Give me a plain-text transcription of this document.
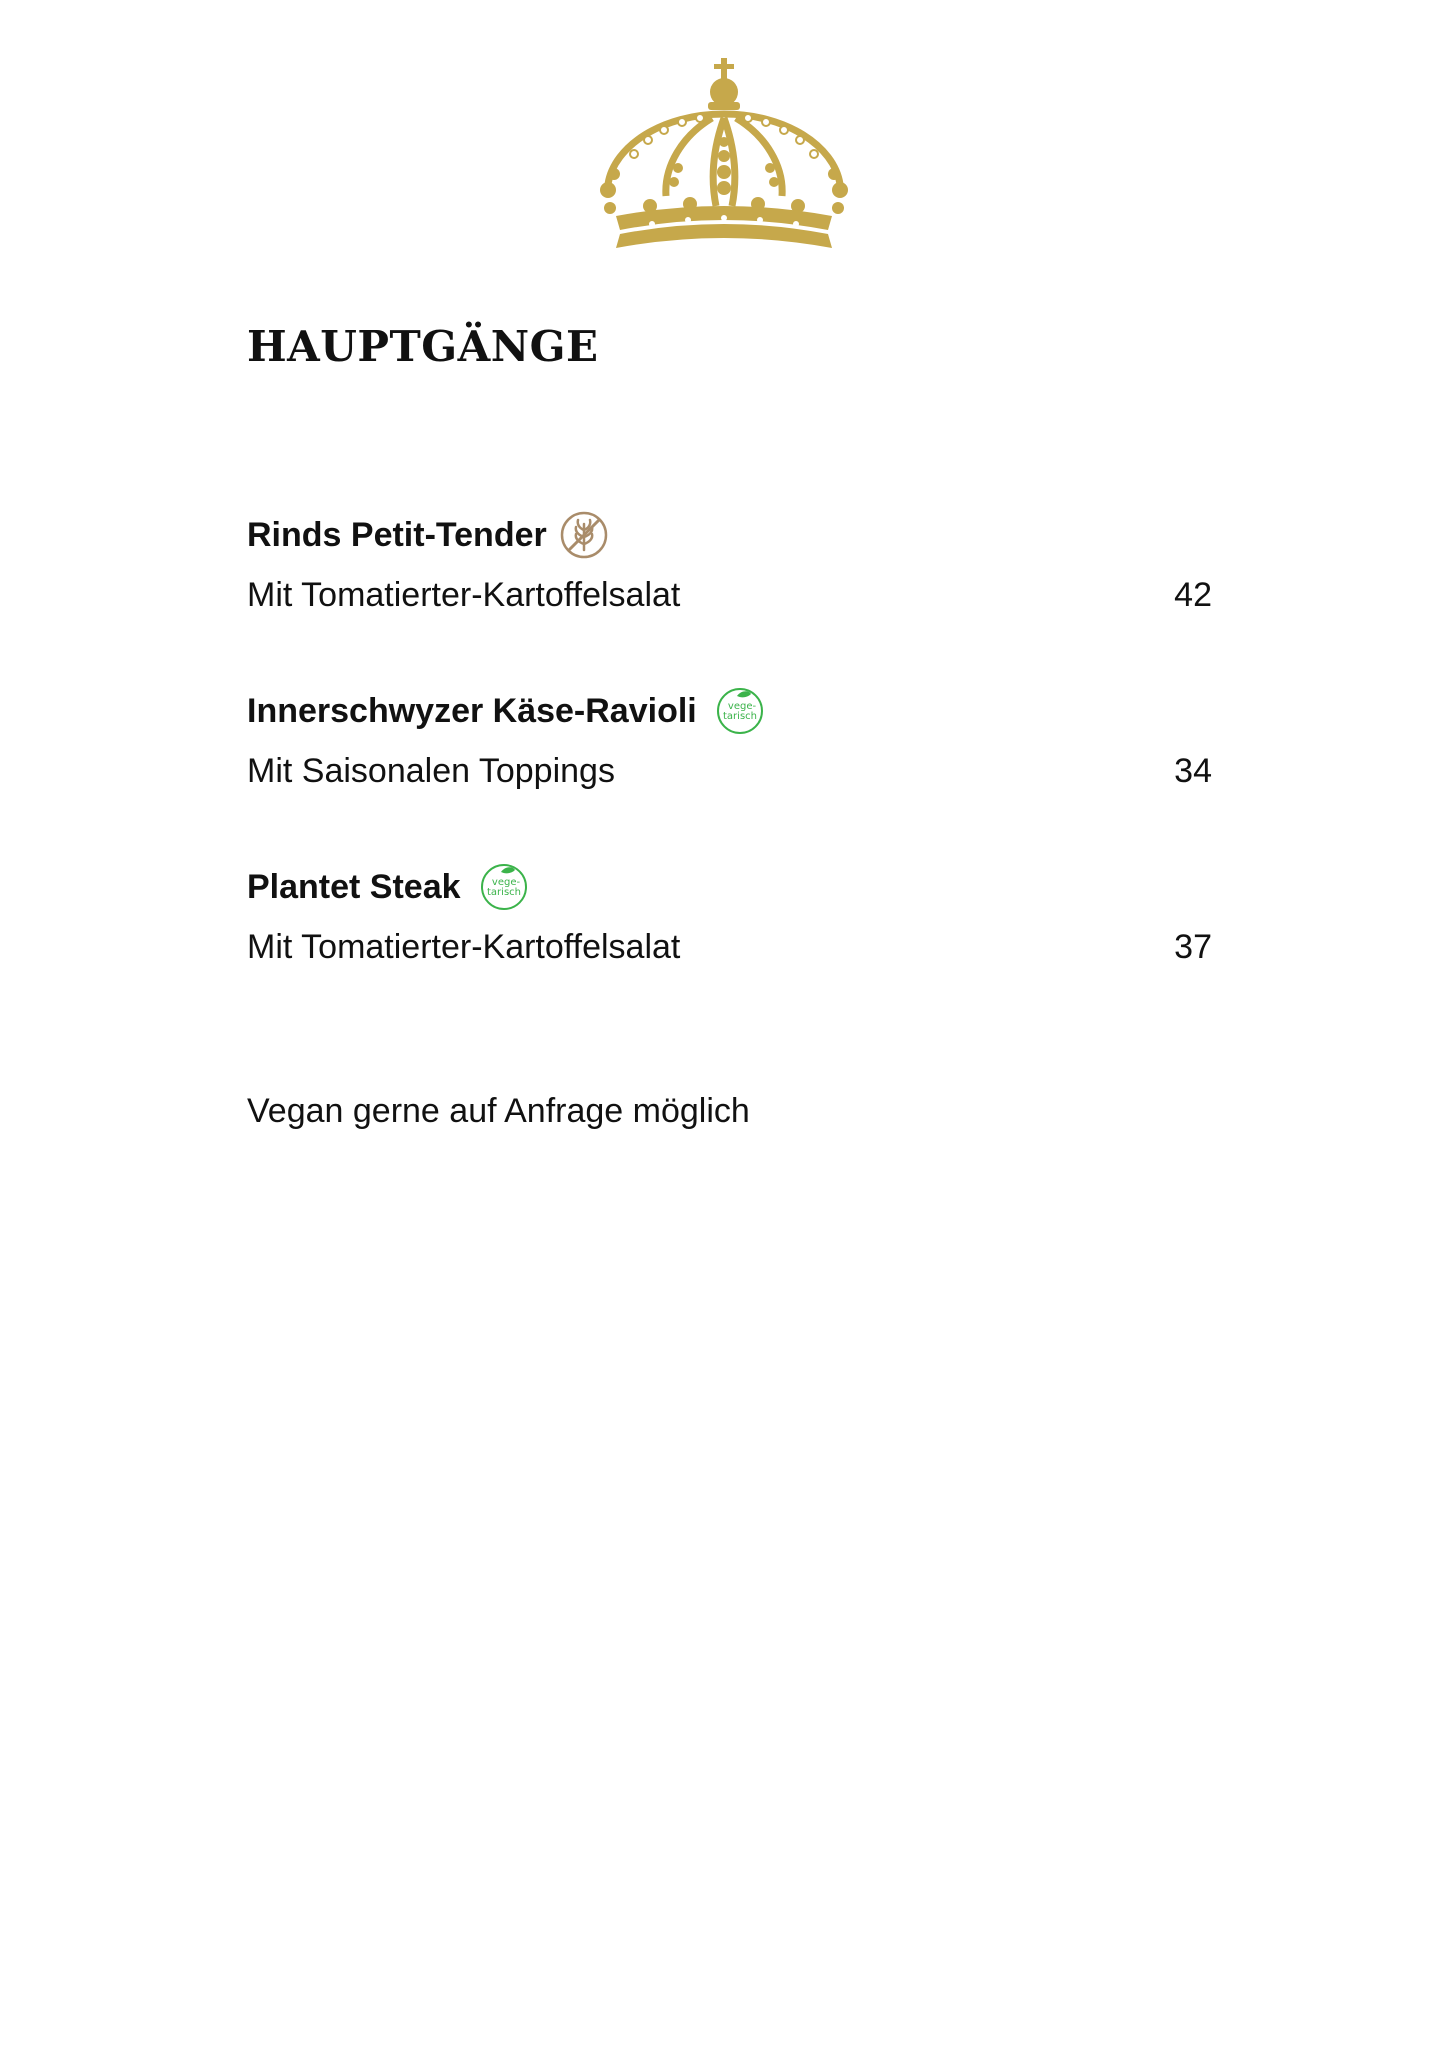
HAUPTGÄNGE
Rinds Petit-Tender
Mit Tomatierter-Kartoffelsalat	42
Innerschwyzer Käse-Ravioli	vege-
tarisch
Mit Saisonalen Toppings	34
Plantet Steak	vege-
tarisch
Mit Tomatierter-Kartoffelsalat	37
Vegan gerne auf Anfrage möglich
